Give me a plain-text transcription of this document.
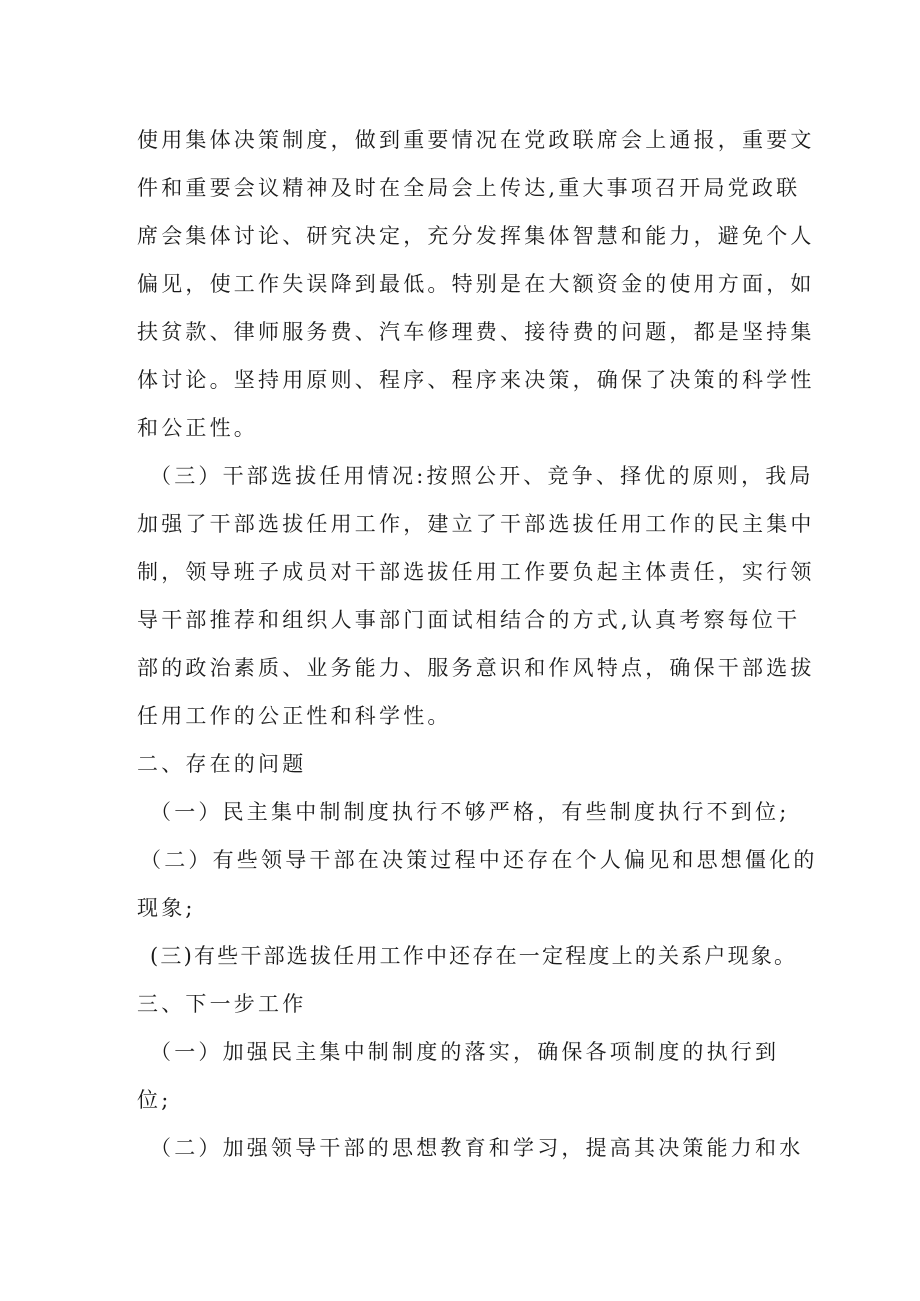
使用集体决策制度，做到重要情况在党政联席会上通报，重要文
件和重要会议精神及时在全局会上传达,重大事项召开局党政联
席会集体讨论、研究决定，充分发挥集体智慧和能力，避免个人
偏见，使工作失误降到最低。特别是在大额资金的使用方面，如
扶贫款、律师服务费、汽车修理费、接待费的问题，都是坚持集
体讨论。坚持用原则、程序、程序来决策，确保了决策的科学性
和公正性。
（三）干部选拔任用情况:按照公开、竞争、择优的原则，我局
加强了干部选拔任用工作，建立了干部选拔任用工作的民主集中
制，领导班子成员对干部选拔任用工作要负起主体责任，实行领
导干部推荐和组织人事部门面试相结合的方式,认真考察每位干
部的政治素质、业务能力、服务意识和作风特点，确保干部选拔
任用工作的公正性和科学性。
二、存在的问题
（一）民主集中制制度执行不够严格，有些制度执行不到位;
（二）有些领导干部在决策过程中还存在个人偏见和思想僵化的
现象;
(三)有些干部选拔任用工作中还存在一定程度上的关系户现象。
三、下一步工作
（一）加强民主集中制制度的落实，确保各项制度的执行到
位;
（二）加强领导干部的思想教育和学习，提高其决策能力和水
